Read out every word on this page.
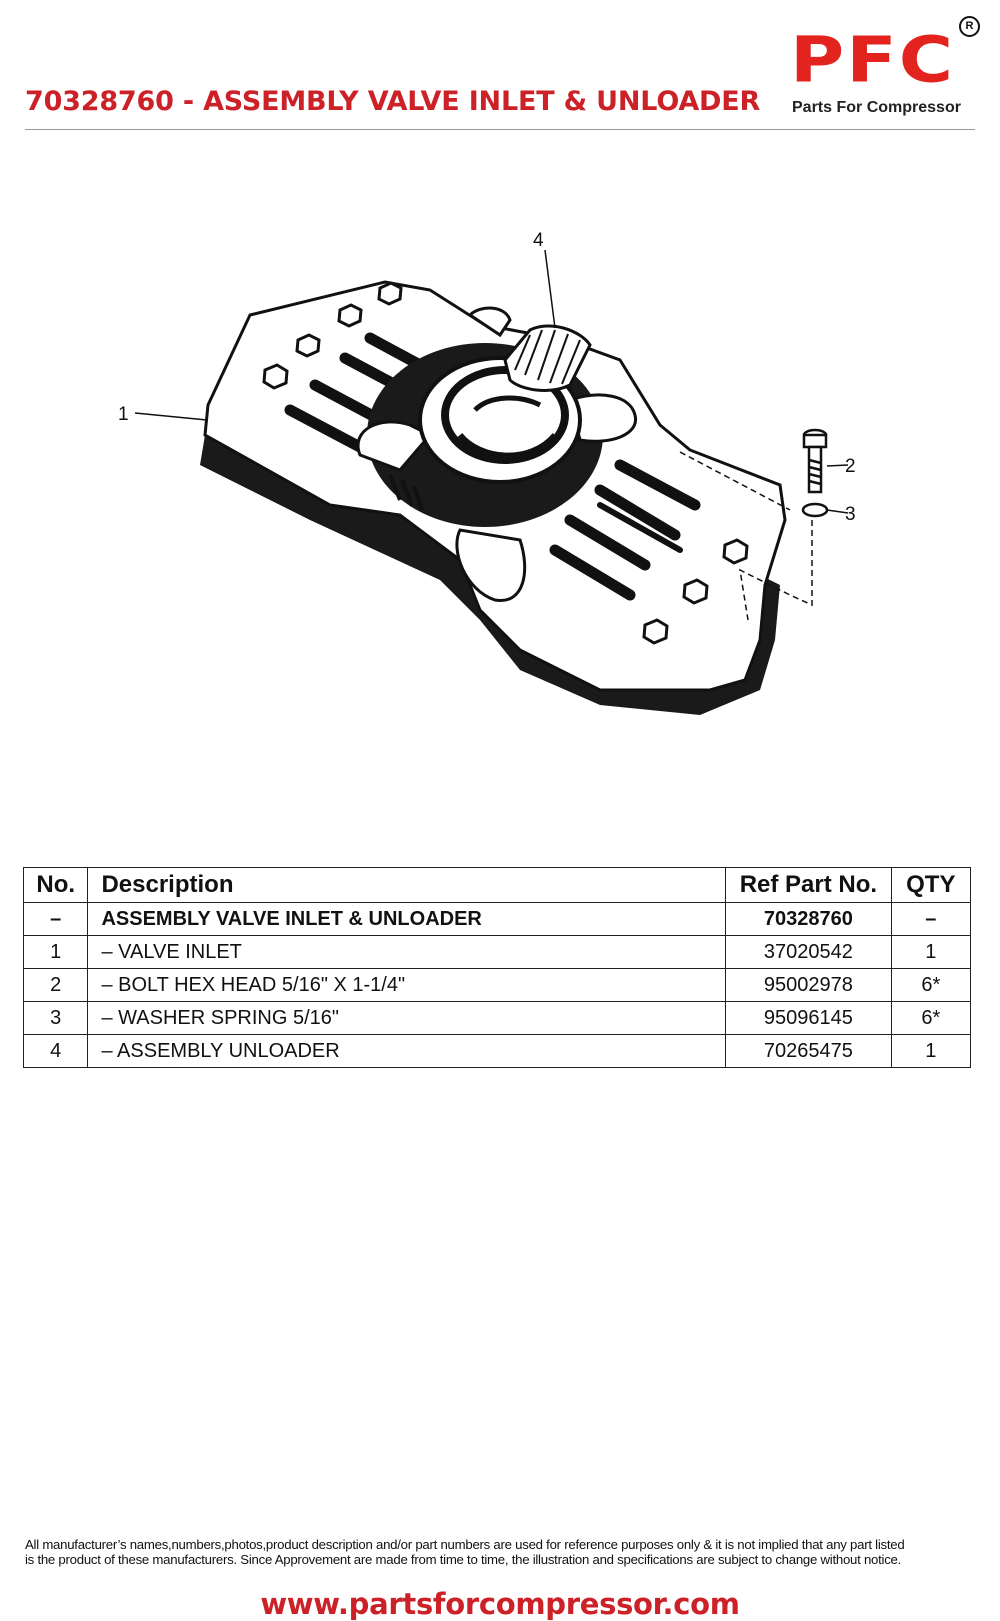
70328760 - ASSEMBLY VALVE INLET & UNLOADER
PFC R
Parts For Compressor
1
4
2
3
No.	Description	Ref Part No.	QTY
–	ASSEMBLY VALVE INLET & UNLOADER	70328760	–
1	– VALVE INLET	37020542	1
2	– BOLT HEX HEAD 5/16" X 1-1/4"	95002978	6*
3	– WASHER SPRING 5/16"	95096145	6*
4	– ASSEMBLY UNLOADER	70265475	1
All manufacturer’s names,numbers,photos,product description and/or part numbers are used for reference purposes only & it is not implied that any part listed
is the product of these manufacturers. Since Approvement are made from time to time, the illustration and specifications are subject to change without notice.
www.partsforcompressor.com
